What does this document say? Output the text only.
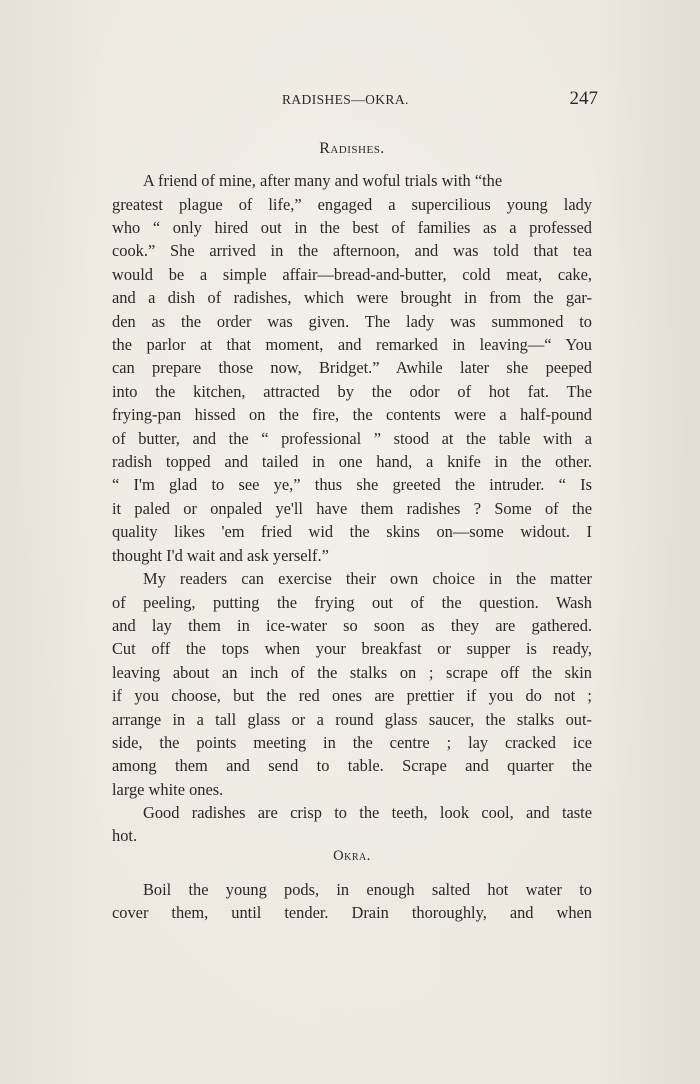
RADISHES—OKRA.	247
Radishes.
A friend of mine, after many and woful trials with “the
greatest plague of life,” engaged a supercilious young lady
who “ only hired out in the best of families as a professed
cook.” She arrived in the afternoon, and was told that tea
would be a simple affair—bread-and-butter, cold meat, cake,
and a dish of radishes, which were brought in from the gar-
den as the order was given. The lady was summoned to
the parlor at that moment, and remarked in leaving—“ You
can prepare those now, Bridget.” Awhile later she peeped
into the kitchen, attracted by the odor of hot fat. The
frying-pan hissed on the fire, the contents were a half-pound
of butter, and the “ professional ” stood at the table with a
radish topped and tailed in one hand, a knife in the other.
“ I'm glad to see ye,” thus she greeted the intruder. “ Is
it paled or onpaled ye'll have them radishes ? Some of the
quality likes 'em fried wid the skins on—some widout. I
thought I'd wait and ask yerself.”
My readers can exercise their own choice in the matter
of peeling, putting the frying out of the question. Wash
and lay them in ice-water so soon as they are gathered.
Cut off the tops when your breakfast or supper is ready,
leaving about an inch of the stalks on ; scrape off the skin
if you choose, but the red ones are prettier if you do not ;
arrange in a tall glass or a round glass saucer, the stalks out-
side, the points meeting in the centre ; lay cracked ice
among them and send to table. Scrape and quarter the
large white ones.
Good radishes are crisp to the teeth, look cool, and taste
hot.
Okra.
Boil the young pods, in enough salted hot water to
cover them, until tender. Drain thoroughly, and when
